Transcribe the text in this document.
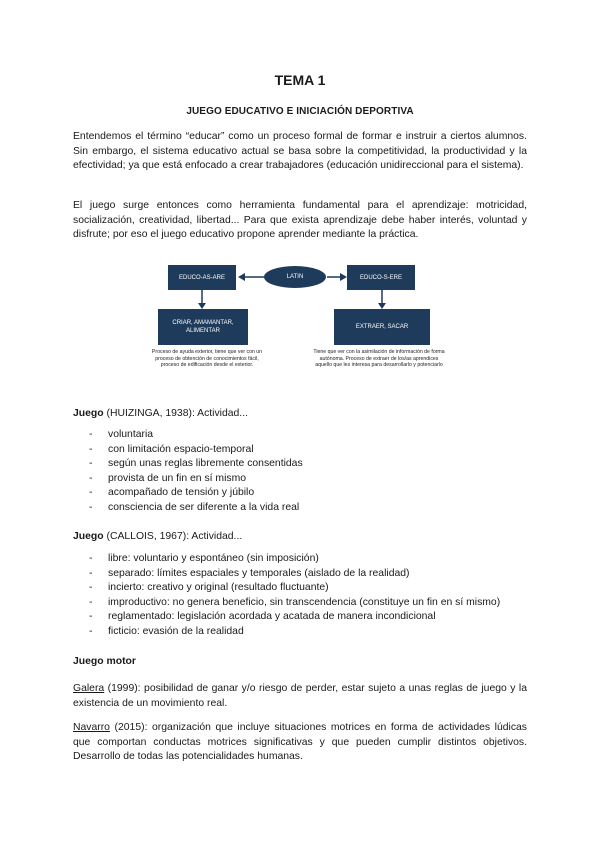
TEMA 1
JUEGO EDUCATIVO E INICIACIÓN DEPORTIVA

Entendemos el término “educar” como un proceso formal de formar e instruir a ciertos alumnos. Sin embargo, el sistema educativo actual se basa sobre la competitividad, la productividad y la efectividad; ya que está enfocado a crear trabajadores (educación unidireccional para el sistema).

El juego surge entonces como herramienta fundamental para el aprendizaje: motricidad, socialización, creatividad, libertad... Para que exista aprendizaje debe haber interés, voluntad y disfrute; por eso el juego educativo propone aprender mediante la práctica.

EDUCO-AS-ARE	LATIN	EDUCO-S-ERE
CRIAR, AMAMANTAR, ALIMENTAR
EXTRAER, SACAR
Proceso de ayuda exterior, tiene que ver con un proceso de obtención de conocimientos fácil, proceso de edificación desde el exterior.
Tiene que ver con la asimilación de información de forma autónoma. Proceso de extraer de los/as aprendices aquello que les interesa para desarrollarlo y potenciarlo
Juego (HUIZINGA, 1938): Actividad...
- voluntaria
- con limitación espacio-temporal
- según unas reglas libremente consentidas
- provista de un fin en sí mismo
- acompañado de tensión y júbilo
- consciencia de ser diferente a la vida real
Juego (CALLOIS, 1967): Actividad...
- libre: voluntario y espontáneo (sin imposición)
- separado: límites espaciales y temporales (aislado de la realidad)
- incierto: creativo y original (resultado fluctuante)
- improductivo: no genera beneficio, sin transcendencia (constituye un fin en sí mismo)
- reglamentado: legislación acordada y acatada de manera incondicional
- ficticio: evasión de la realidad
Juego motor

Galera (1999): posibilidad de ganar y/o riesgo de perder, estar sujeto a unas reglas de juego y la existencia de un movimiento real.

Navarro (2015): organización que incluye situaciones motrices en forma de actividades lúdicas que comportan conductas motrices significativas y que pueden cumplir distintos objetivos. Desarrollo de todas las potencialidades humanas.
